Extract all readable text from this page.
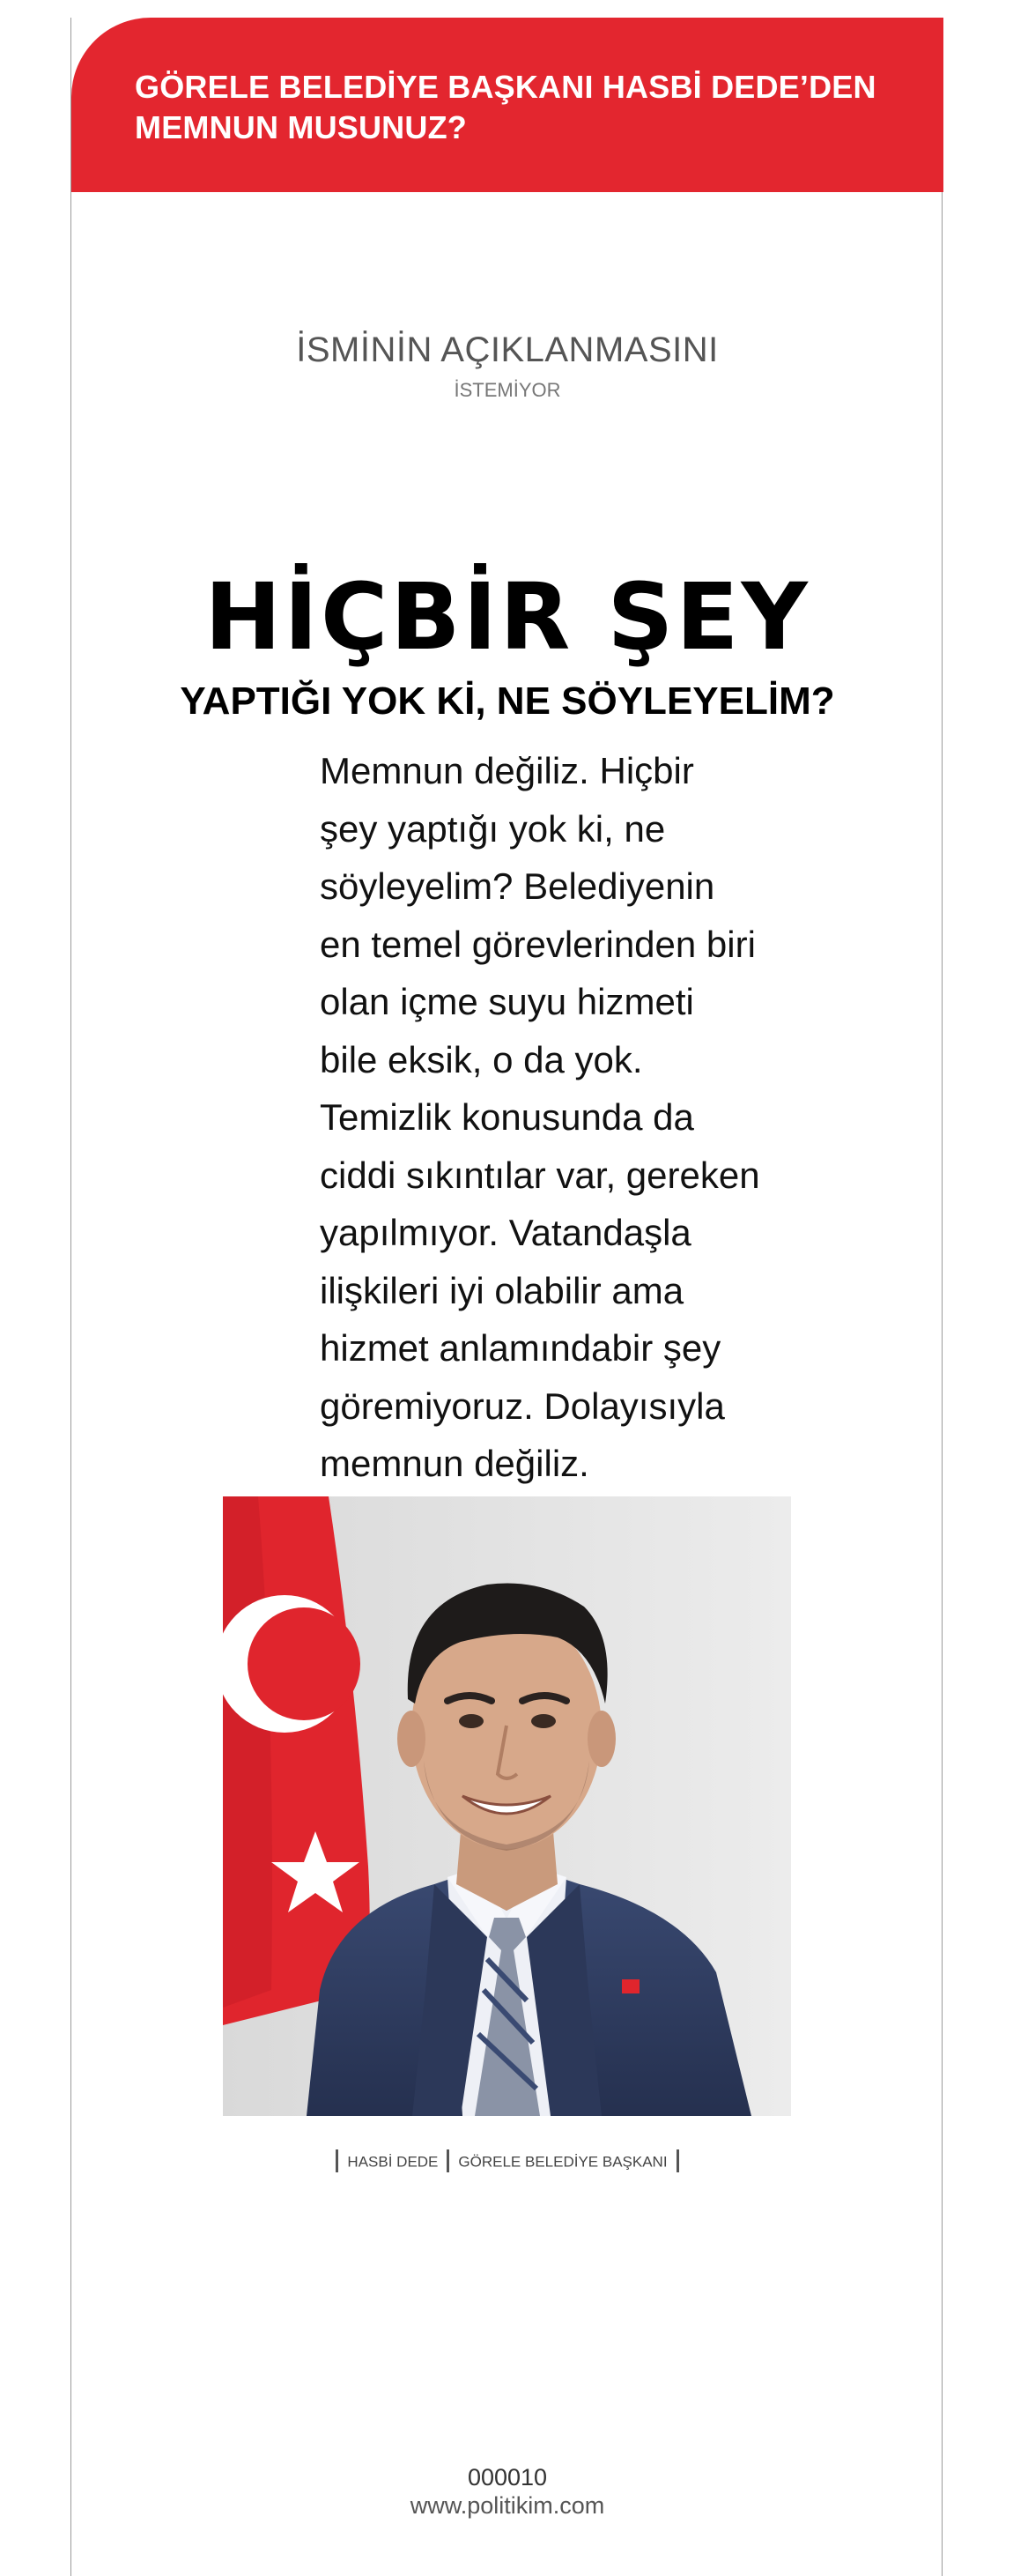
GÖRELE BELEDİYE BAŞKANI HASBİ DEDE’DEN
MEMNUN MUSUNUZ?

İSMİNİN AÇIKLANMASINI
İSTEMİYOR
HİÇBİR ŞEY
YAPTIĞI YOK Kİ, NE SÖYLEYELİM?

Memnun değiliz. Hiçbir
şey yaptığı yok ki, ne
söyleyelim? Belediyenin
en temel görevlerinden biri
olan içme suyu hizmeti
bile eksik, o da yok.
Temizlik konusunda da
ciddi sıkıntılar var, gereken
yapılmıyor. Vatandaşla
ilişkileri iyi olabilir ama
hizmet anlamındabir şey
göremiyoruz. Dolayısıyla
memnun değiliz.

HASBİ DEDE GÖRELE BELEDİYE BAŞKANI
000010
www.politikim.com
